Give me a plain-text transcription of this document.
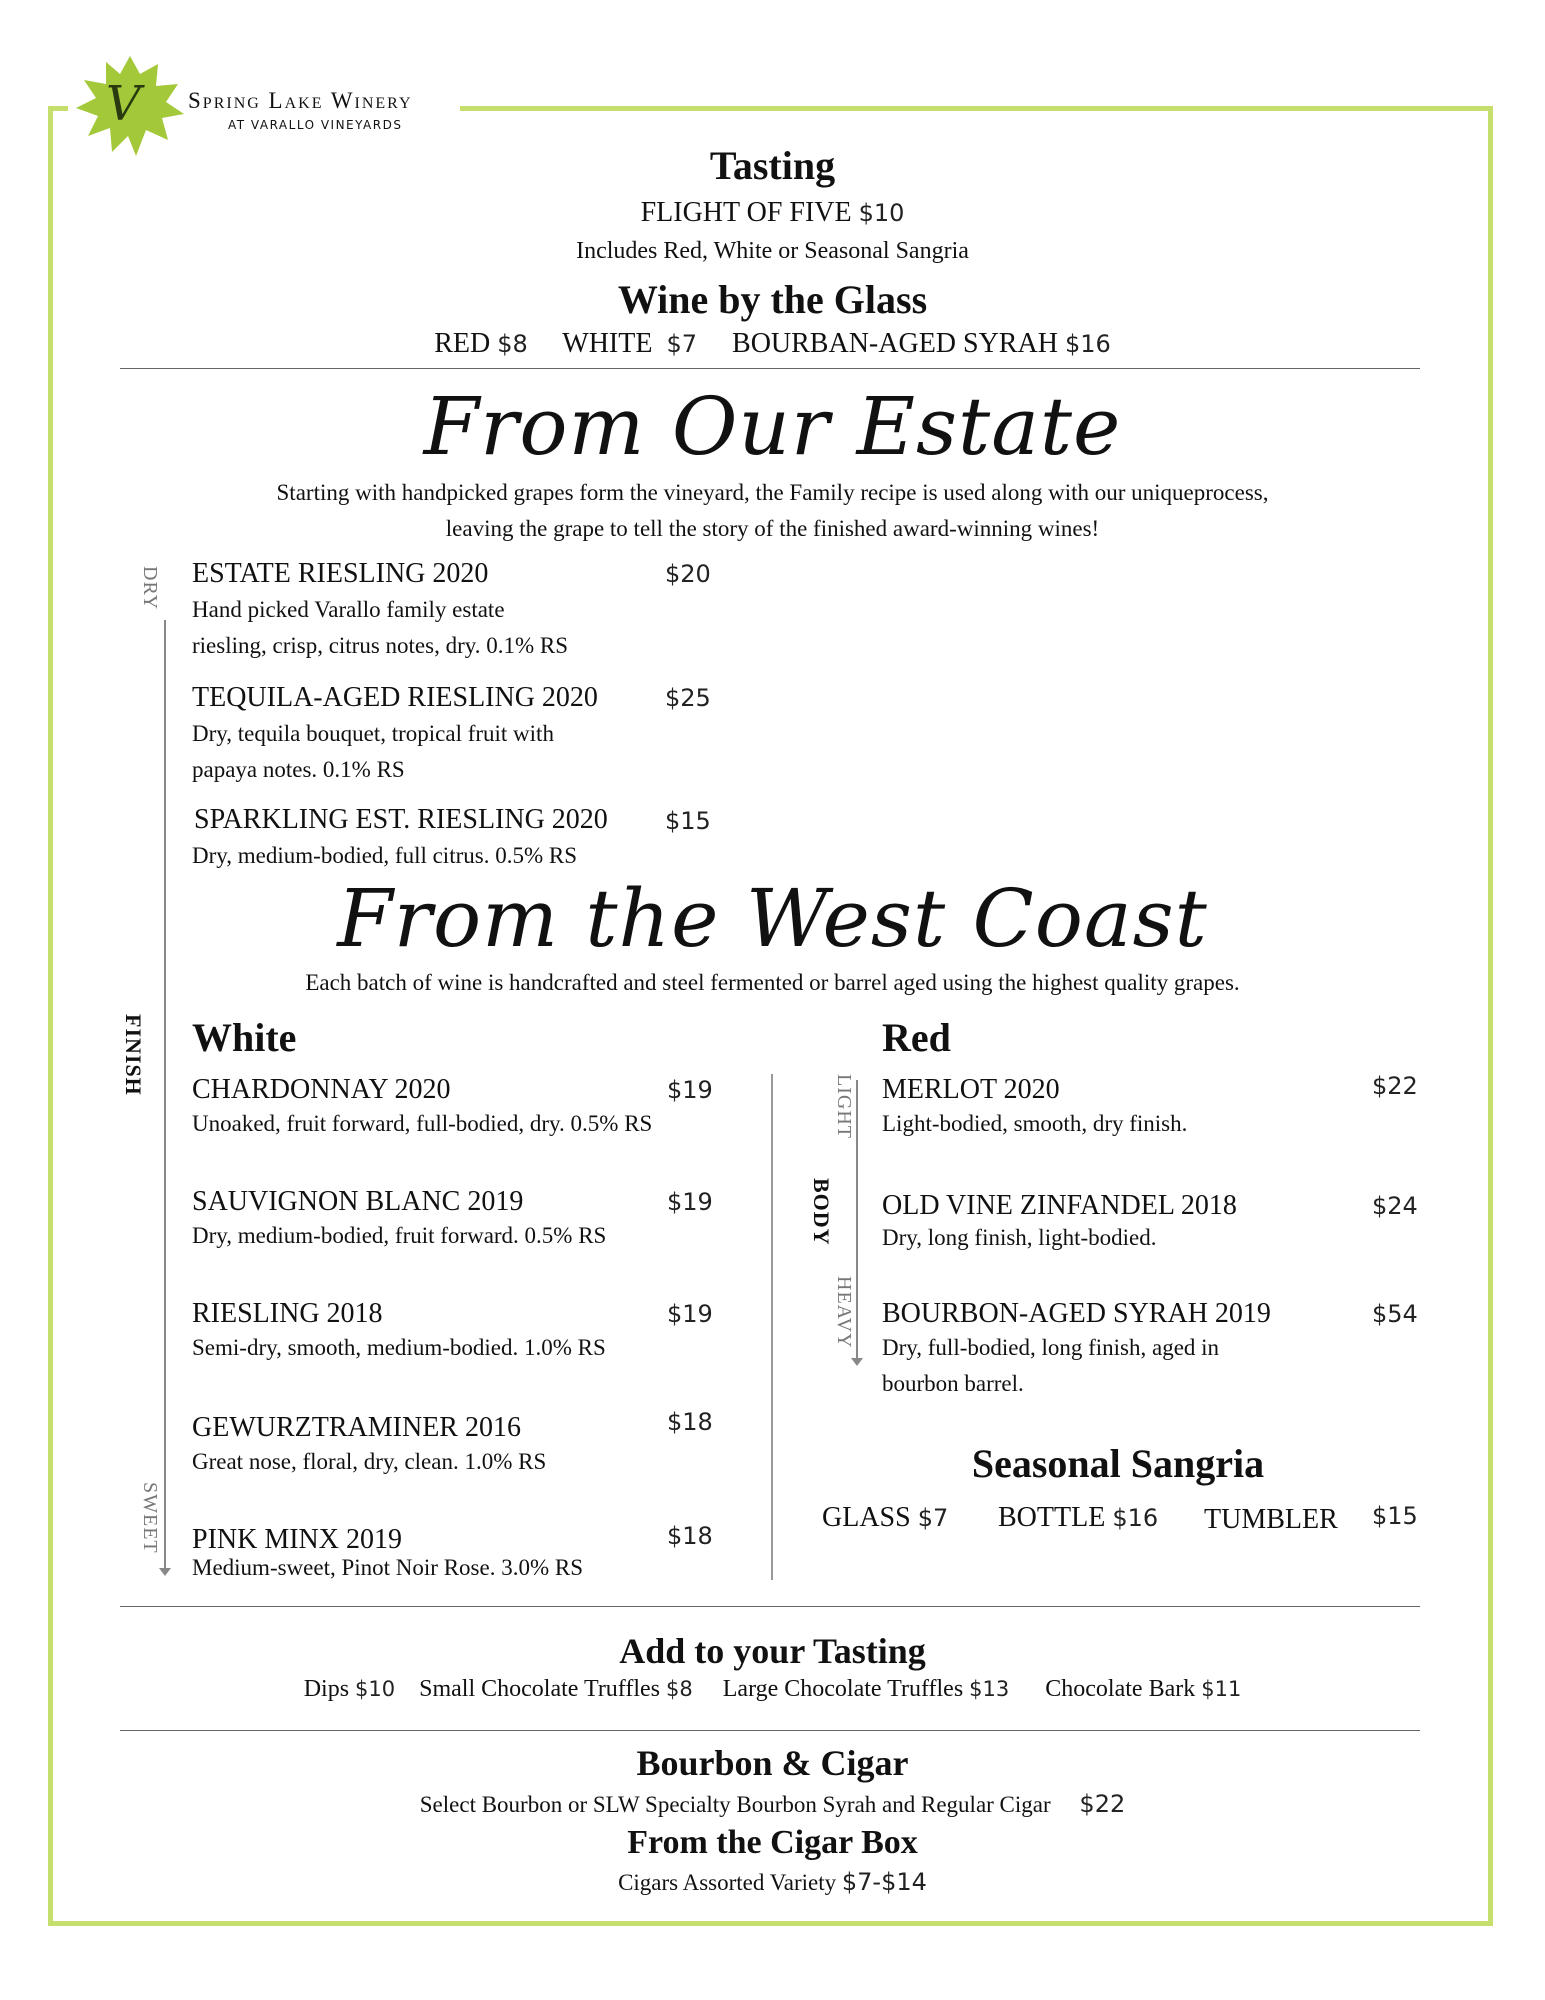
V Spring Lake Winery
AT VARALLO VINEYARDS
Tasting
FLIGHT OF FIVE $10
Includes Red, White or Seasonal Sangria
Wine by the Glass
RED $8 WHITE $7 BOURBAN-AGED SYRAH $16
From Our Estate
Starting with handpicked grapes form the vineyard, the Family recipe is used along with our uniqueprocess,
leaving the grape to tell the story of the finished award-winning wines!
DRY
SWEET
FINISH
ESTATE RIESLING 2020	$20
Hand picked Varallo family estate
riesling, crisp, citrus notes, dry. 0.1% RS
TEQUILA-AGED RIESLING 2020	$25
Dry, tequila bouquet, tropical fruit with
papaya notes. 0.1% RS
SPARKLING EST. RIESLING 2020 $15
Dry, medium-bodied, full citrus. 0.5% RS
From the West Coast
Each batch of wine is handcrafted and steel fermented or barrel aged using the highest quality grapes.
White
CHARDONNAY 2020	$19
Unoaked, fruit forward, full-bodied, dry. 0.5% RS
SAUVIGNON BLANC 2019	$19
Dry, medium-bodied, fruit forward. 0.5% RS
RIESLING 2018	$19
Semi-dry, smooth, medium-bodied. 1.0% RS
GEWURZTRAMINER 2016	$18
Great nose, floral, dry, clean. 1.0% RS
PINK MINX 2019	$18
Medium-sweet, Pinot Noir Rose. 3.0% RS
LIGHT
BODY
HEAVY
Red
MERLOT 2020	$22
Light-bodied, smooth, dry finish.
OLD VINE ZINFANDEL 2018	$24
Dry, long finish, light-bodied.
BOURBON-AGED SYRAH 2019	$54
Dry, full-bodied, long finish, aged in
bourbon barrel.
Seasonal Sangria
GLASS $7 BOTTLE $16 TUMBLER $15
Add to your Tasting
Dips $10 Small Chocolate Truffles $8 Large Chocolate Truffles $13 Chocolate Bark $11
Bourbon & Cigar
Select Bourbon or SLW Specialty Bourbon Syrah and Regular Cigar $22
From the Cigar Box
Cigars Assorted Variety $7-$14
